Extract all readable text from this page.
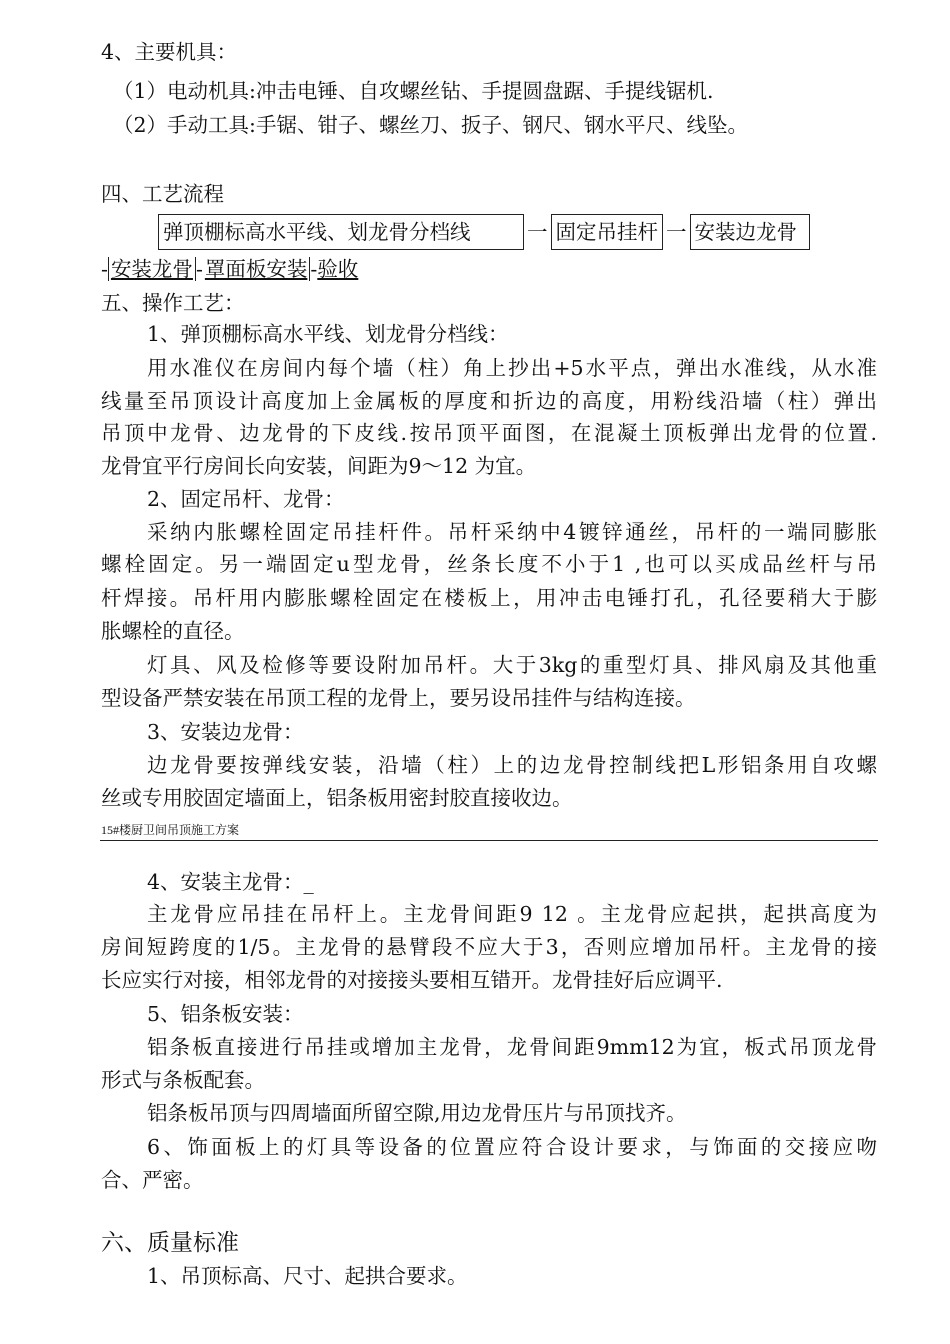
4、主要机具：
（1）电动机具:冲击电锤、自攻螺丝钻、手提圆盘踞、手提线锯机.
（2）手动工具:手锯、钳子、螺丝刀、扳子、钢尺、钢水平尺、线坠。
四、工艺流程
弹顶棚标高水平线、划龙骨分档线	一 固定吊挂杆 一 安装边龙骨
- 安装龙骨 -罩面板安装 -验收
五、操作工艺：
1、弹顶棚标高水平线、划龙骨分档线：
用水准仪在房间内每个墙（柱）角上抄出+5水平点，弹出水准线，从水准
线量至吊顶设计高度加上金属板的厚度和折边的高度，用粉线沿墙（柱）弹出
吊顶中龙骨、边龙骨的下皮线.按吊顶平面图，在混凝土顶板弹出龙骨的位置.
龙骨宜平行房间长向安装，间距为9〜12 为宜。
2、固定吊杆、龙骨：
采纳内胀螺栓固定吊挂杆件。吊杆采纳中4镀锌通丝，吊杆的一端同膨胀
螺栓固定。另一端固定u型龙骨，丝条长度不小于1 ,也可以买成品丝杆与吊
杆焊接。吊杆用内膨胀螺栓固定在楼板上，用冲击电锤打孔，孔径要稍大于膨
胀螺栓的直径。
灯具、风及检修等要设附加吊杆。大于3kg的重型灯具、排风扇及其他重
型设备严禁安装在吊顶工程的龙骨上，要另设吊挂件与结构连接。
3、安装边龙骨：
边龙骨要按弹线安装，沿墙（柱）上的边龙骨控制线把L形铝条用自攻螺
丝或专用胶固定墙面上，铝条板用密封胶直接收边。
15#楼厨卫间吊顶施工方案
4、安装主龙骨：_
主龙骨应吊挂在吊杆上。主龙骨间距9 12 。主龙骨应起拱，起拱高度为
房间短跨度的1/5。主龙骨的悬臂段不应大于3，否则应增加吊杆。主龙骨的接
长应实行对接，相邻龙骨的对接接头要相互错开。龙骨挂好后应调平.
5、铝条板安装：
铝条板直接进行吊挂或增加主龙骨，龙骨间距9mm12为宜，板式吊顶龙骨
形式与条板配套。
铝条板吊顶与四周墙面所留空隙,用边龙骨压片与吊顶找齐。
6、饰面板上的灯具等设备的位置应符合设计要求，与饰面的交接应吻
合、严密。
六、质量标准
1、吊顶标高、尺寸、起拱合要求。
